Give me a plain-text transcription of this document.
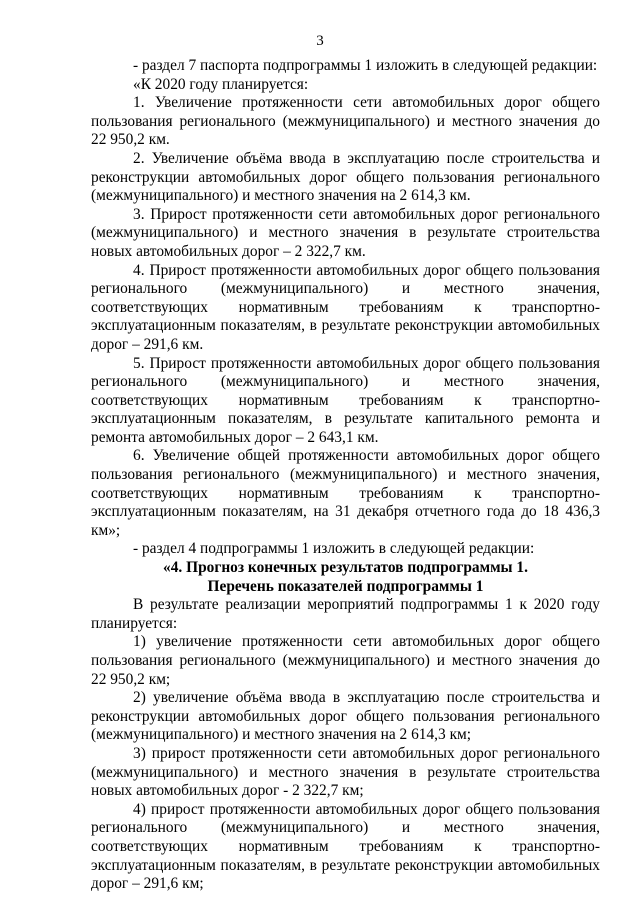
3

- раздел 7 паспорта подпрограммы 1 изложить в следующей редакции:

«К 2020 году планируется:

1. Увеличение протяженности сети автомобильных дорог общего пользования регионального (межмуниципального) и местного значения до 22 950,2 км.

2. Увеличение объёма ввода в эксплуатацию после строительства и реконструкции автомобильных дорог общего пользования регионального (межмуниципального) и местного значения на 2 614,3 км.

3. Прирост протяженности сети автомобильных дорог регионального (межмуниципального) и местного значения в результате строительства новых автомобильных дорог – 2 322,7 км.

4. Прирост протяженности автомобильных дорог общего пользования регионального (межмуниципального) и местного значения, соответствующих нормативным требованиям к транспортно-эксплуатационным показателям, в результате реконструкции автомобильных дорог – 291,6 км.

5. Прирост протяженности автомобильных дорог общего пользования регионального (межмуниципального) и местного значения, соответствующих нормативным требованиям к транспортно-эксплуатационным показателям, в результате капитального ремонта и ремонта автомобильных дорог – 2 643,1 км.

6. Увеличение общей протяженности автомобильных дорог общего пользования регионального (межмуниципального) и местного значения, соответствующих нормативным требованиям к транспортно-эксплуатационным показателям, на 31 декабря отчетного года до 18 436,3 км»;

- раздел 4 подпрограммы 1 изложить в следующей редакции:

«4. Прогноз конечных результатов подпрограммы 1.

Перечень показателей подпрограммы 1

В результате реализации мероприятий подпрограммы 1 к 2020 году планируется:

1) увеличение протяженности сети автомобильных дорог общего пользования регионального (межмуниципального) и местного значения до 22 950,2 км;

2) увеличение объёма ввода в эксплуатацию после строительства и реконструкции автомобильных дорог общего пользования регионального (межмуниципального) и местного значения на 2 614,3 км;

3) прирост протяженности сети автомобильных дорог регионального (межмуниципального) и местного значения в результате строительства новых автомобильных дорог - 2 322,7 км;

4) прирост протяженности автомобильных дорог общего пользования регионального (межмуниципального) и местного значения, соответствующих нормативным требованиям к транспортно-эксплуатационным показателям, в результате реконструкции автомобильных дорог – 291,6 км;
